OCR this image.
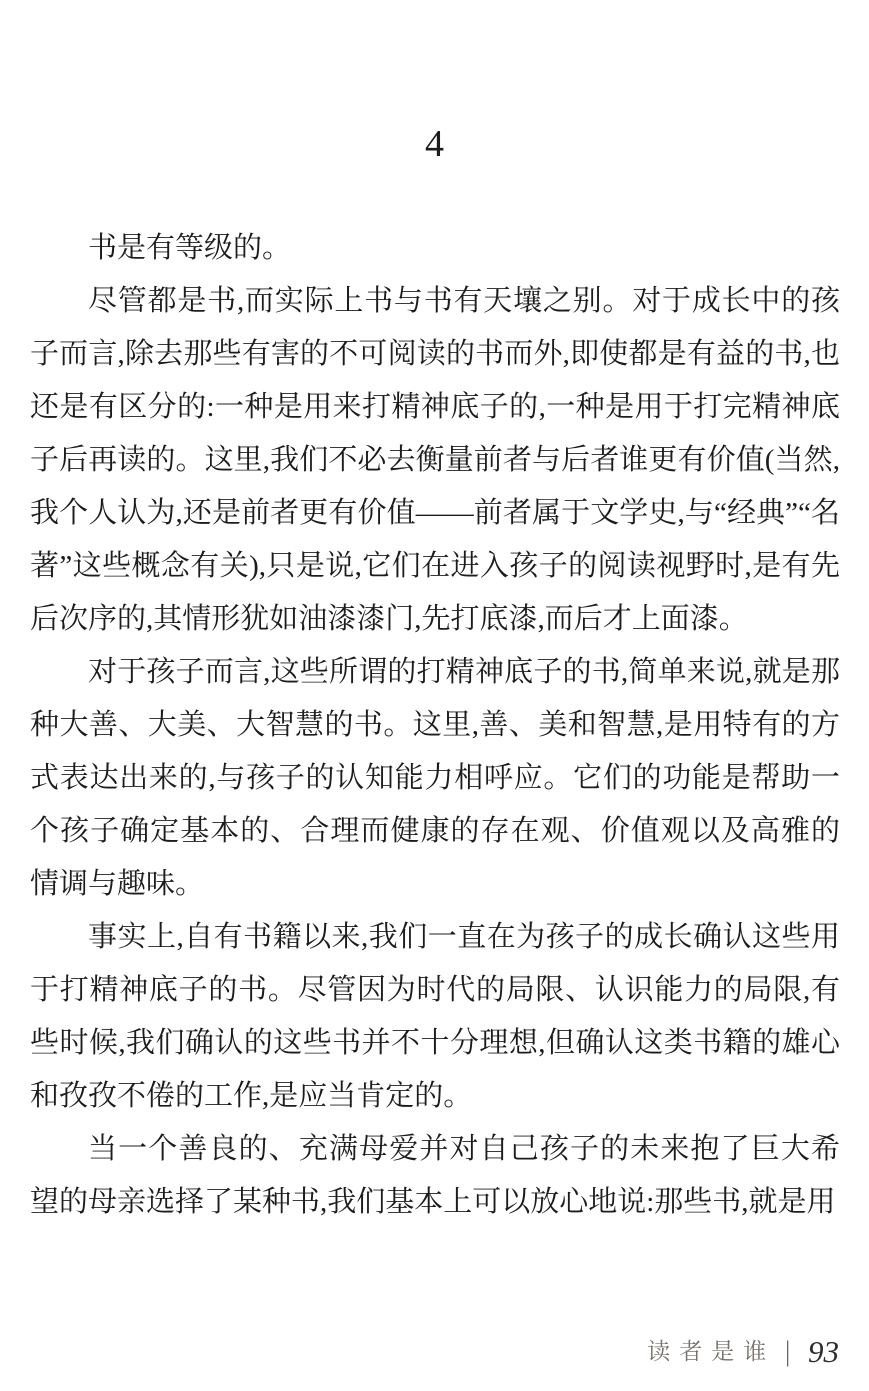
4

书是有等级的。

尽管都是书,而实际上书与书有天壤之别。对于成长中的孩子而言,除去那些有害的不可阅读的书而外,即使都是有益的书,也还是有区分的:一种是用来打精神底子的,一种是用于打完精神底子后再读的。这里,我们不必去衡量前者与后者谁更有价值(当然,我个人认为,还是前者更有价值——前者属于文学史,与“经典”“名著”这些概念有关),只是说,它们在进入孩子的阅读视野时,是有先后次序的,其情形犹如油漆漆门,先打底漆,而后才上面漆。

对于孩子而言,这些所谓的打精神底子的书,简单来说,就是那种大善、大美、大智慧的书。这里,善、美和智慧,是用特有的方式表达出来的,与孩子的认知能力相呼应。它们的功能是帮助一个孩子确定基本的、合理而健康的存在观、价值观以及高雅的情调与趣味。

事实上,自有书籍以来,我们一直在为孩子的成长确认这些用于打精神底子的书。尽管因为时代的局限、认识能力的局限,有些时候,我们确认的这些书并不十分理想,但确认这类书籍的雄心和孜孜不倦的工作,是应当肯定的。

当一个善良的、充满母爱并对自己孩子的未来抱了巨大希望的母亲选择了某种书,我们基本上可以放心地说:那些书,就是用

读者是谁 | 93
